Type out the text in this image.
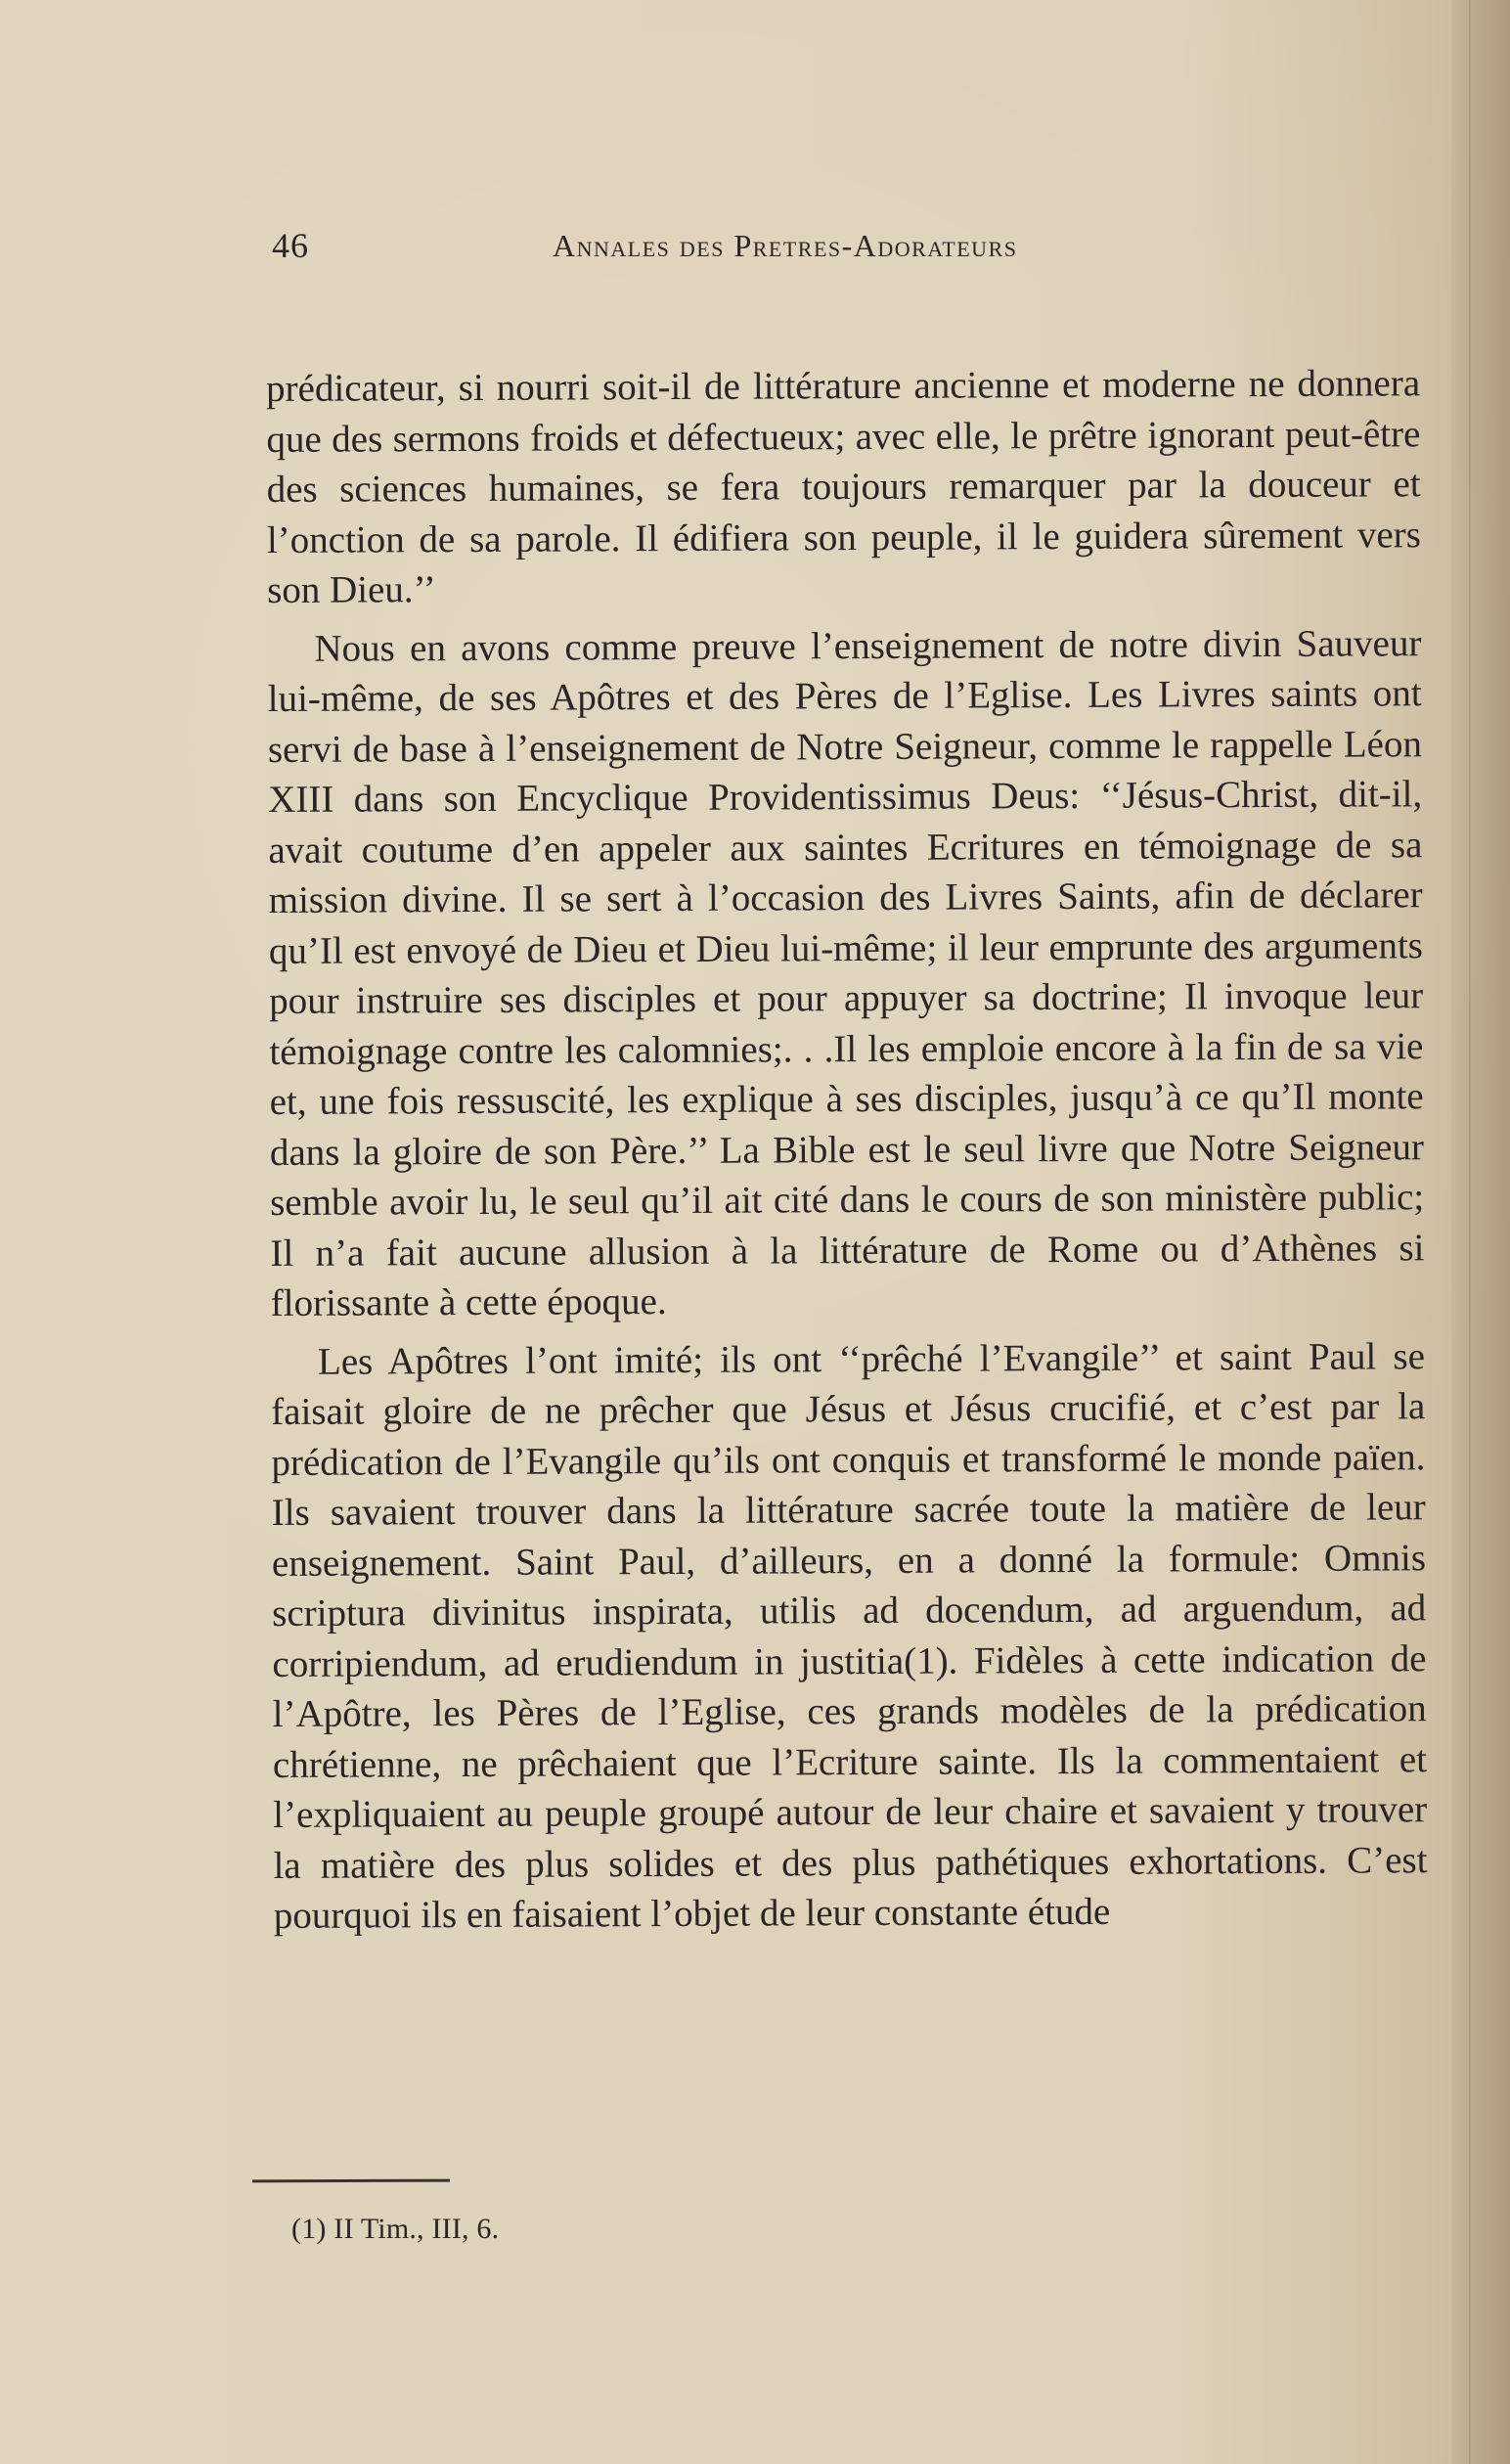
46	Annales des Pretres-Adorateurs

prédicateur, si nourri soit-il de littérature ancienne et moderne ne donnera que des sermons froids et défectueux; avec elle, le prêtre ignorant peut-être des sciences humaines, se fera toujours remarquer par la douceur et l’onction de sa parole. Il édifiera son peuple, il le guidera sûrement vers son Dieu.’’

Nous en avons comme preuve l’enseignement de notre divin Sauveur lui-même, de ses Apôtres et des Pères de l’Eglise. Les Livres saints ont servi de base à l’enseignement de Notre Seigneur, comme le rappelle Léon XIII dans son Encyclique Providentissimus Deus: ‘‘Jésus-Christ, dit-il, avait coutume d’en appeler aux saintes Ecritures en témoignage de sa mission divine. Il se sert à l’occasion des Livres Saints, afin de déclarer qu’Il est envoyé de Dieu et Dieu lui-même; il leur emprunte des arguments pour instruire ses disciples et pour appuyer sa doctrine; Il invoque leur témoignage contre les calomnies;. . .Il les emploie encore à la fin de sa vie et, une fois ressuscité, les explique à ses disciples, jusqu’à ce qu’Il monte dans la gloire de son Père.’’ La Bible est le seul livre que Notre Seigneur semble avoir lu, le seul qu’il ait cité dans le cours de son ministère public; Il n’a fait aucune allusion à la littérature de Rome ou d’Athènes si florissante à cette époque.

Les Apôtres l’ont imité; ils ont ‘‘prêché l’Evangile’’ et saint Paul se faisait gloire de ne prêcher que Jésus et Jésus crucifié, et c’est par la prédication de l’Evangile qu’ils ont conquis et transformé le monde païen. Ils savaient trouver dans la littérature sacrée toute la matière de leur enseignement. Saint Paul, d’ailleurs, en a donné la formule: Omnis scriptura divinitus inspirata, utilis ad docendum, ad arguendum, ad corripiendum, ad erudiendum in justitia(1). Fidèles à cette indication de l’Apôtre, les Pères de l’Eglise, ces grands modèles de la prédication chrétienne, ne prêchaient que l’Ecriture sainte. Ils la commentaient et l’expliquaient au peuple groupé autour de leur chaire et savaient y trouver la matière des plus solides et des plus pathétiques exhortations. C’est pourquoi ils en faisaient l’objet de leur constante étude

(1) II Tim., III, 6.
